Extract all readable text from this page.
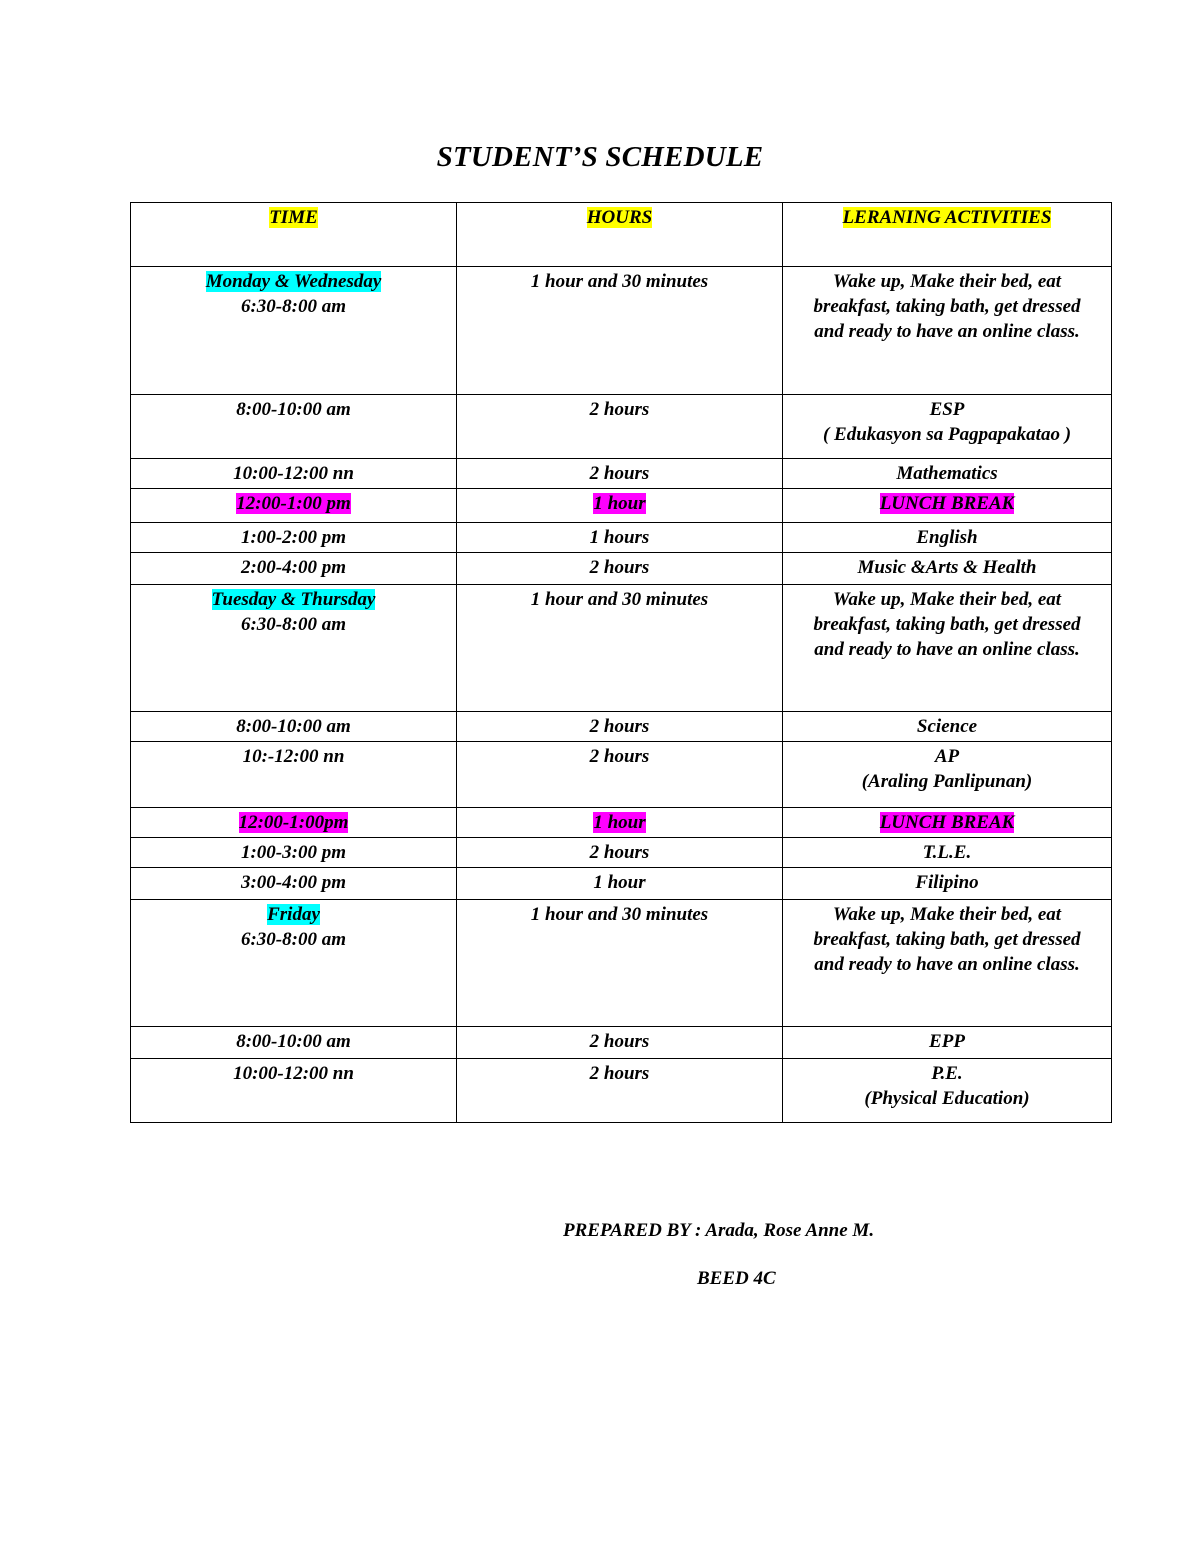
STUDENT’S SCHEDULE
TIME	HOURS	LERANING ACTIVITIES
Monday & Wednesday
6:30-8:00 am	1 hour and 30 minutes	Wake up, Make their bed, eat
breakfast, taking bath, get dressed
and ready to have an online class.

8:00-10:00 am	2 hours	ESP
( Edukasyon sa Pagpapakatao )

10:00-12:00 nn	2 hours	Mathematics
12:00-1:00 pm	1 hour	LUNCH BREAK
1:00-2:00 pm	1 hours	English
2:00-4:00 pm	2 hours	Music &Arts & Health
Tuesday & Thursday
6:30-8:00 am	1 hour and 30 minutes	Wake up, Make their bed, eat
breakfast, taking bath, get dressed
and ready to have an online class.

8:00-10:00 am	2 hours	Science
10:-12:00 nn	2 hours	AP
(Araling Panlipunan)

12:00-1:00pm	1 hour	LUNCH BREAK
1:00-3:00 pm	2 hours	T.L.E.
3:00-4:00 pm	1 hour	Filipino
Friday
6:30-8:00 am	1 hour and 30 minutes	Wake up, Make their bed, eat
breakfast, taking bath, get dressed
and ready to have an online class.

8:00-10:00 am	2 hours	EPP
10:00-12:00 nn	2 hours	P.E.
(Physical Education)
PREPARED BY : Arada, Rose Anne M.
BEED 4C
